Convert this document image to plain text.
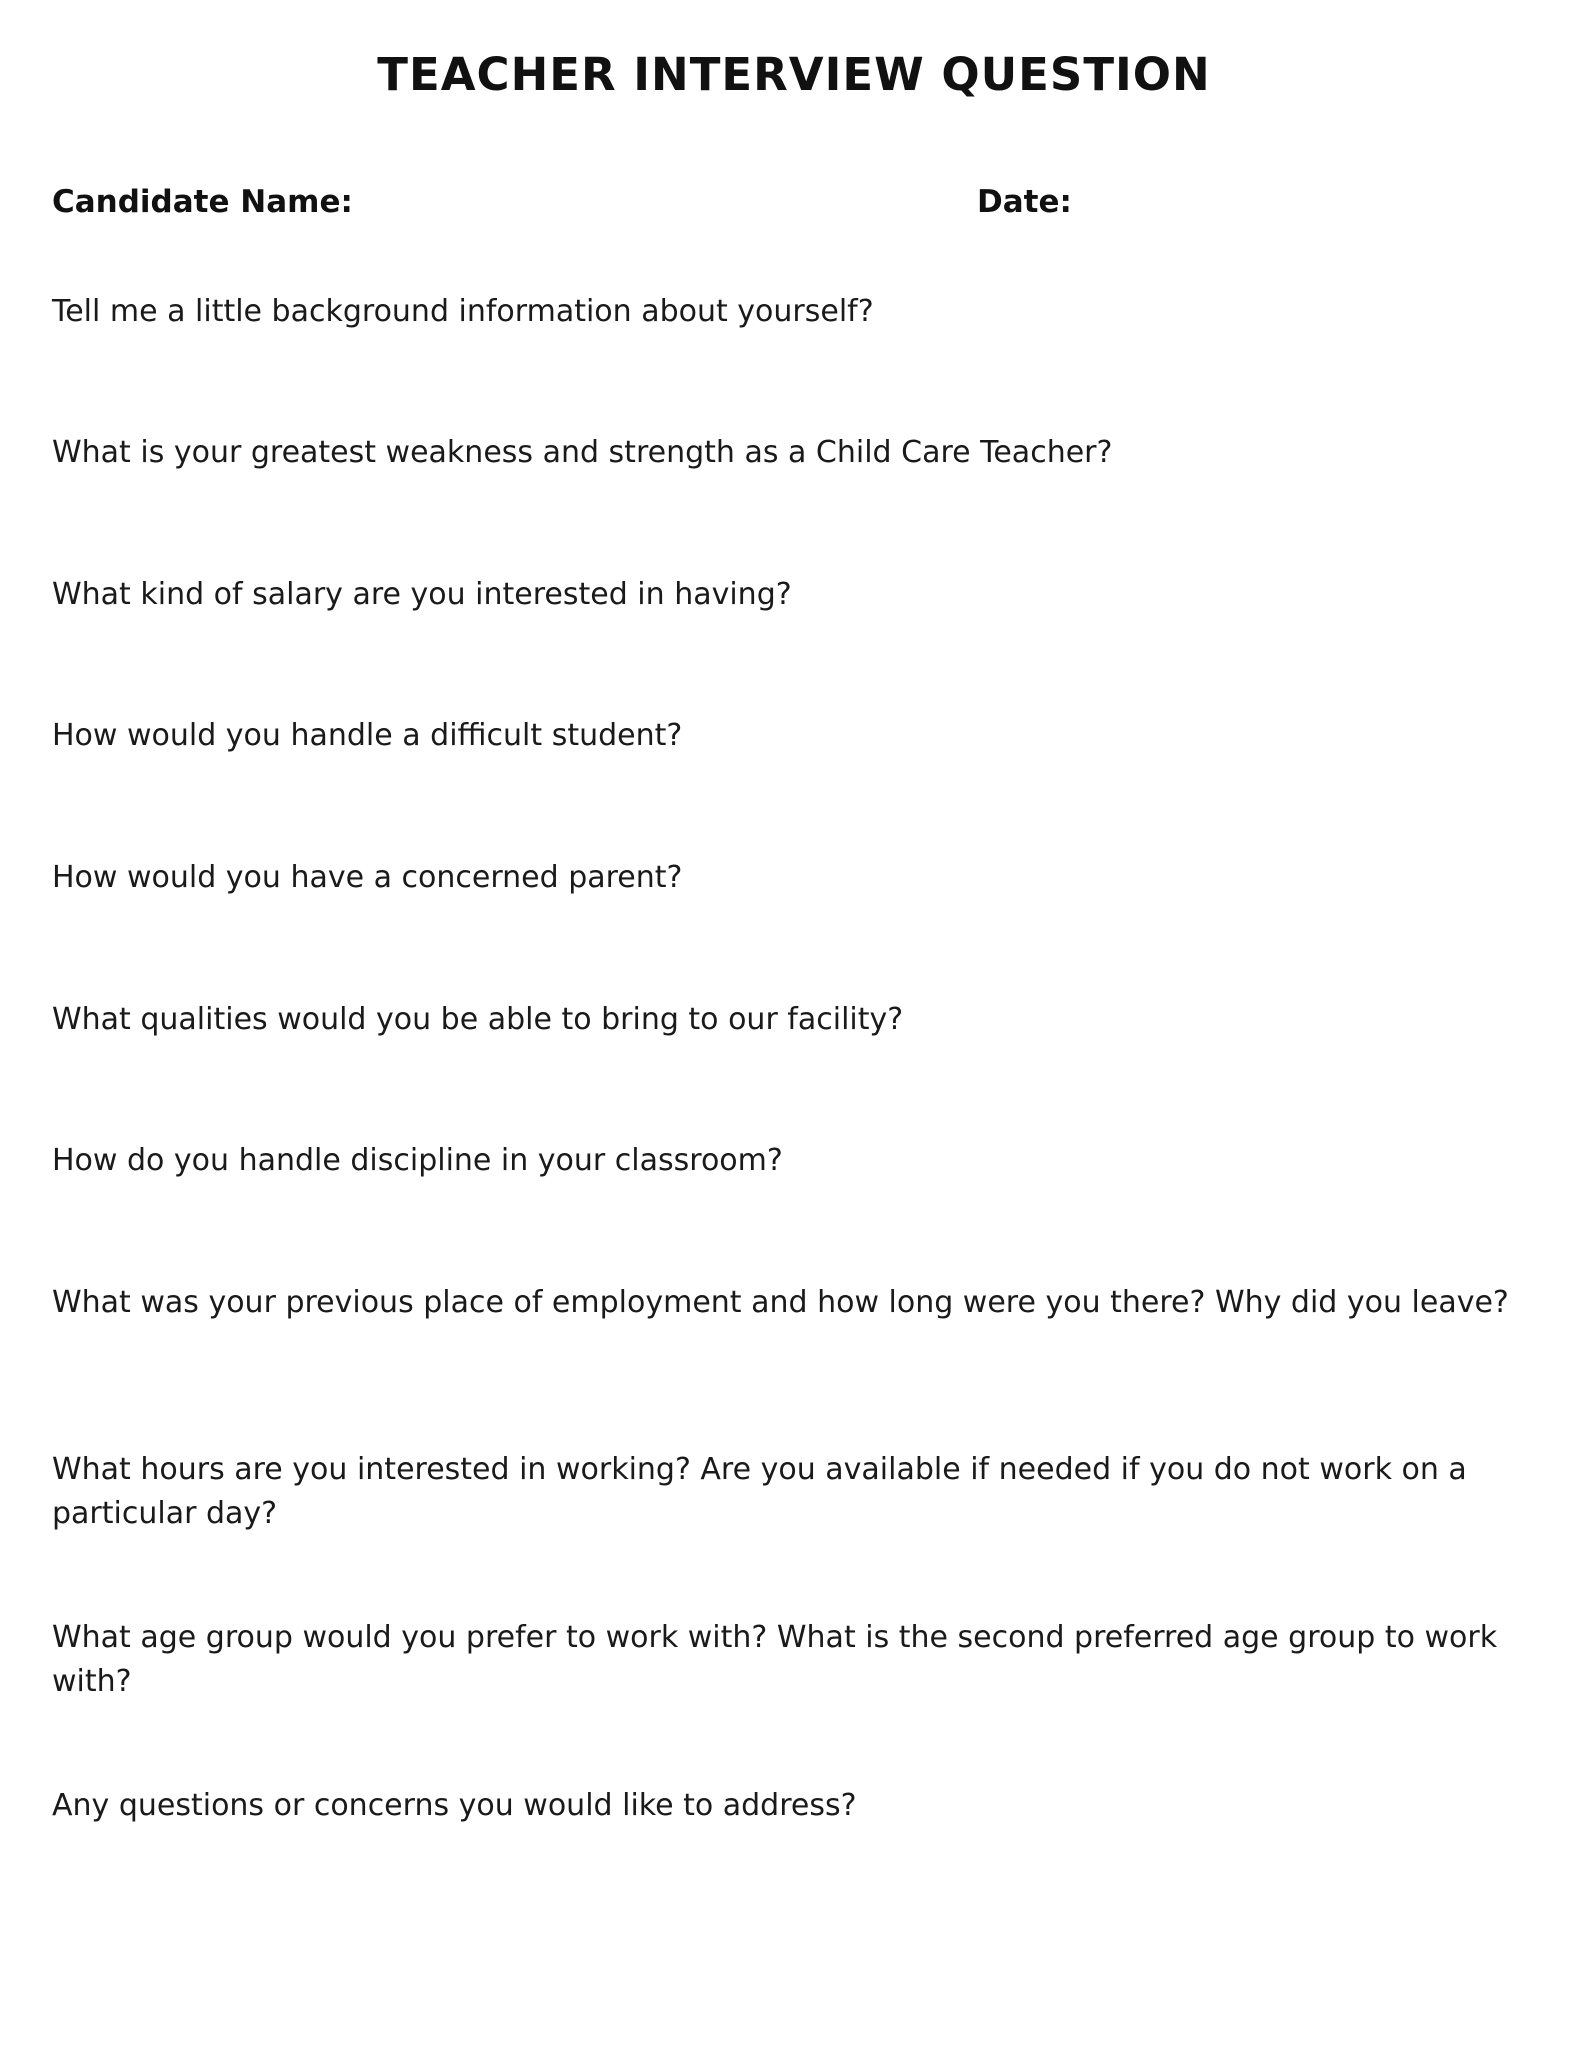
TEACHER INTERVIEW QUESTION

Candidate Name:	Date:

Tell me a little background information about yourself?

What is your greatest weakness and strength as a Child Care Teacher?

What kind of salary are you interested in having?

How would you handle a difficult student?

How would you have a concerned parent?

What qualities would you be able to bring to our facility?

How do you handle discipline in your classroom?

What was your previous place of employment and how long were you there? Why did you leave?

What hours are you interested in working? Are you available if needed if you do not work on a particular day?

What age group would you prefer to work with? What is the second preferred age group to work with?

Any questions or concerns you would like to address?
